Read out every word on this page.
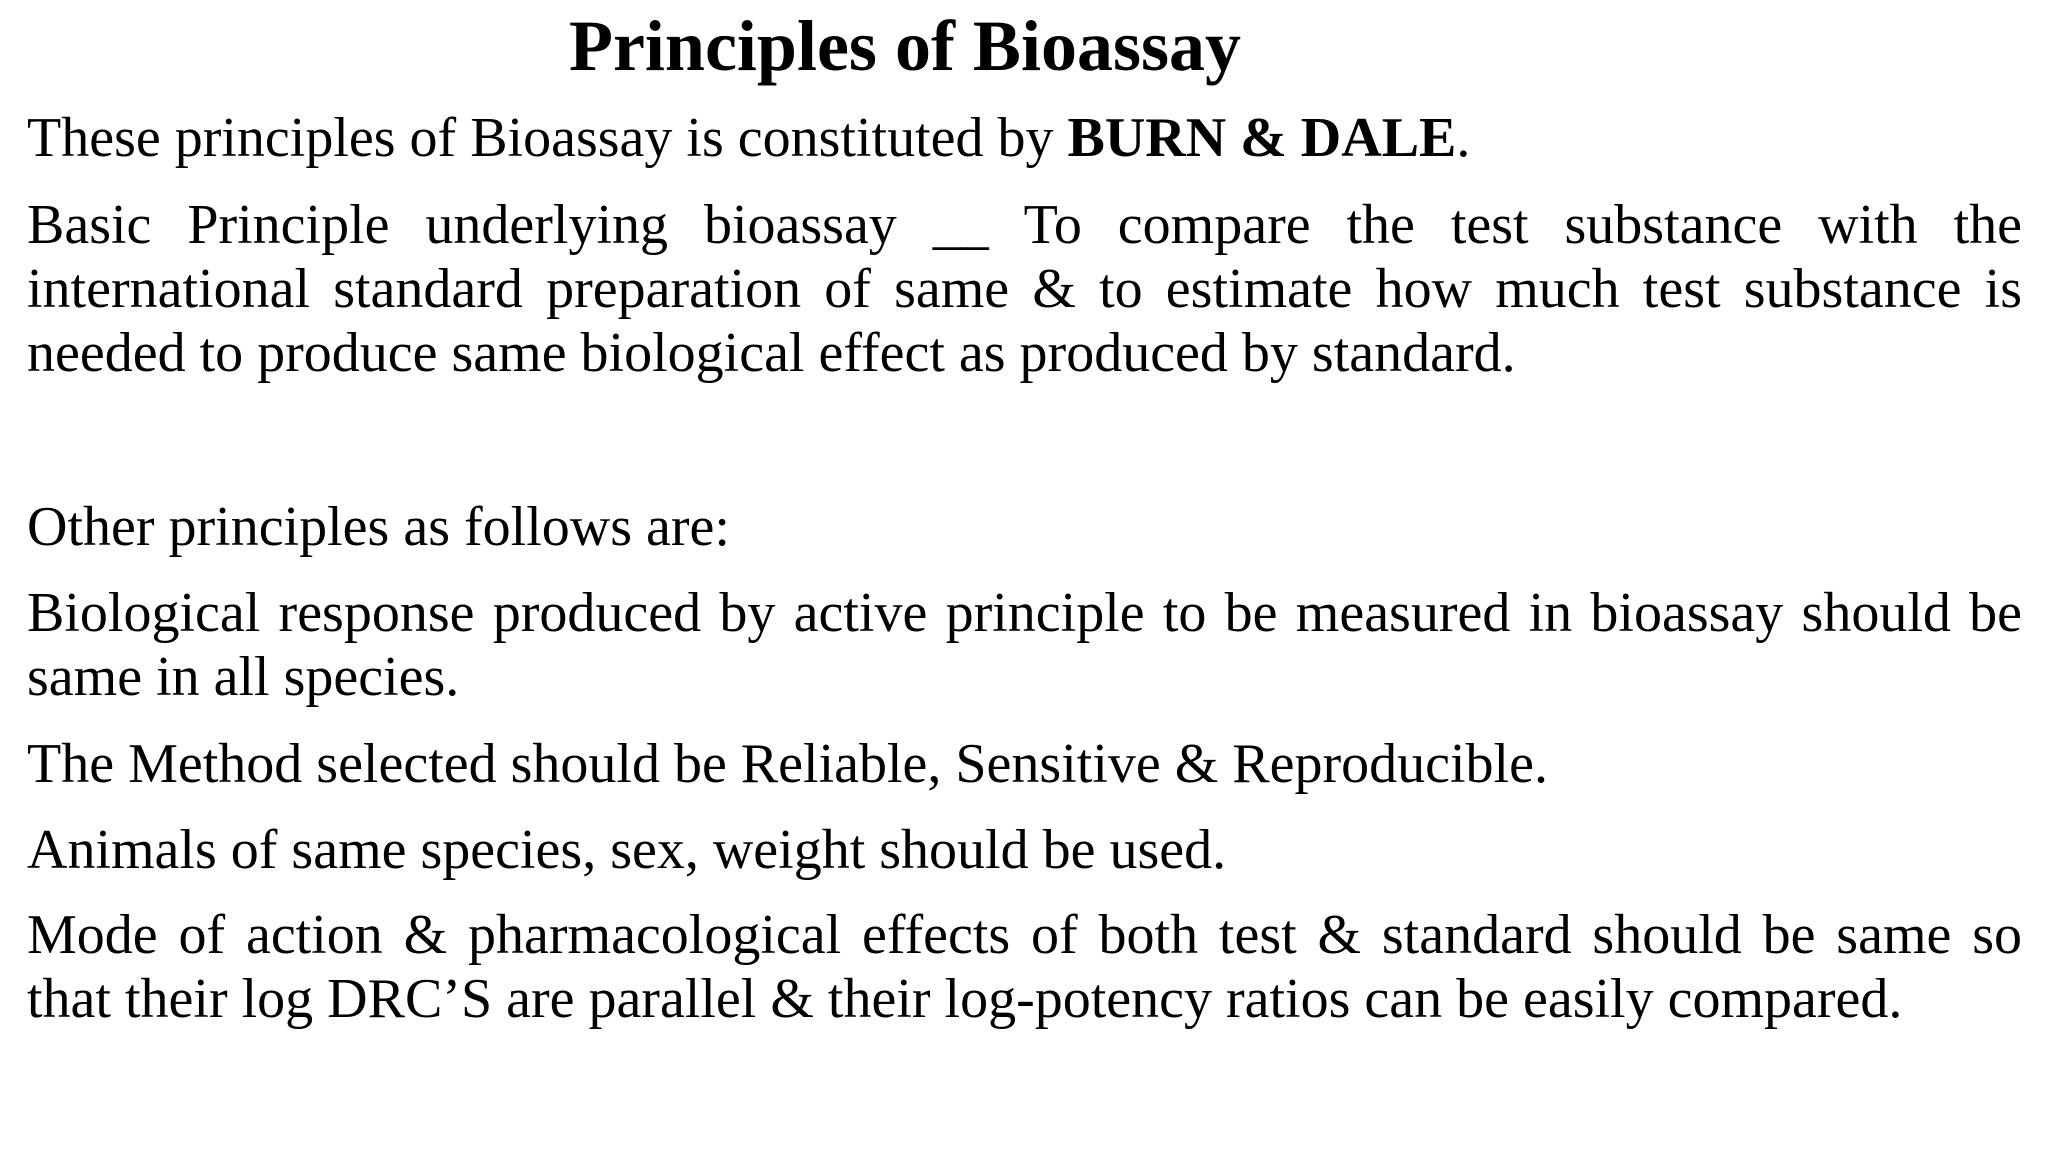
Principles of Bioassay

These principles of Bioassay is constituted by BURN & DALE.

Basic Principle underlying bioassay __ To compare the test substance with the international standard preparation of same & to estimate how much test substance is needed to produce same biological effect as produced by standard.

Other principles as follows are:

Biological response produced by active principle to be measured in bioassay should be same in all species.

The Method selected should be Reliable, Sensitive & Reproducible.

Animals of same species, sex, weight should be used.

Mode of action & pharmacological effects of both test & standard should be same so that their log DRC’S are parallel & their log-potency ratios can be easily compared.
